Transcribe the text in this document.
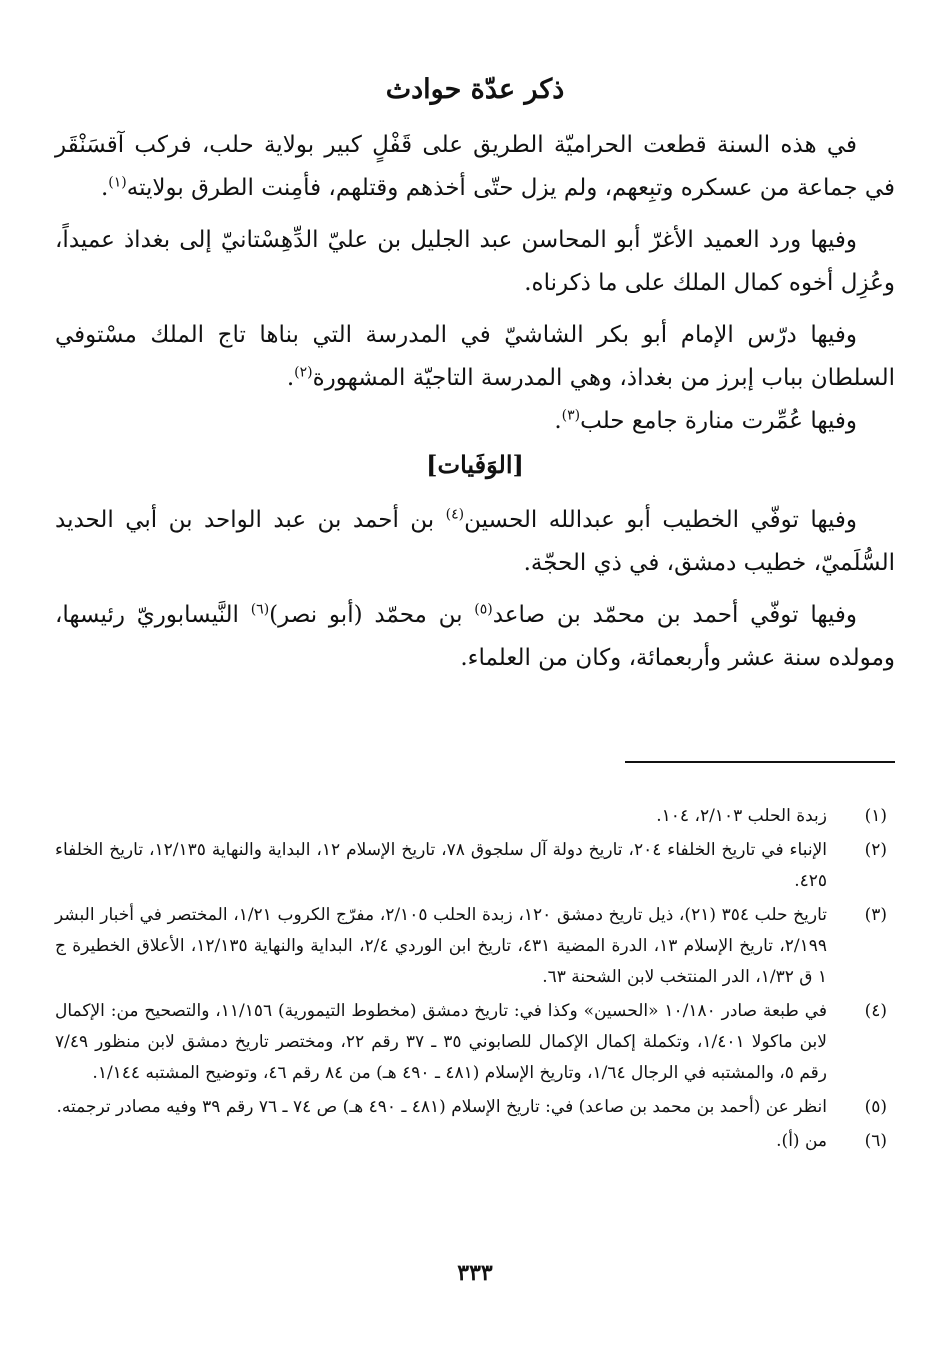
ذكر عدّة حوادث

في هذه السنة قطعت الحراميّة الطريق على قَفْلٍ كبير بولاية حلب، فركب آقسَنْقَر في جماعة من عسكره وتبِعهم، ولم يزل حتّى أخذهم وقتلهم، فأمِنت الطرق بولايته$^{(١)}$.

وفيها ورد العميد الأغرّ أبو المحاسن عبد الجليل بن عليّ الدِّهِسْتانيّ إلى بغداذ عميداً، وعُزِل أخوه كمال الملك على ما ذكرناه.

وفيها درّس الإمام أبو بكر الشاشيّ في المدرسة التي بناها تاج الملك مسْتوفي السلطان بباب إبرز من بغداذ، وهي المدرسة التاجيّة المشهورة$^{(٢)}$.

وفيها عُمِّرت منارة جامع حلب$^{(٣)}$.

[الوَفَيات]

وفيها توفّي الخطيب أبو عبدالله الحسين$^{(٤)}$ بن أحمد بن عبد الواحد بن أبي الحديد السُّلَميّ، خطيب دمشق، في ذي الحجّة.

وفيها توفّي أحمد بن محمّد بن صاعد$^{(٥)}$ بن محمّد (أبو نصر)$^{(٦)}$ النَّيسابوريّ رئيسها، ومولده سنة عشر وأربعمائة، وكان من العلماء.

(١)
زبدة الحلب ٢/١٠٣، ١٠٤.
(٢)
الإنباء في تاريخ الخلفاء ٢٠٤، تاريخ دولة آل سلجوق ٧٨، تاريخ الإسلام ١٢، البداية والنهاية ١٢/١٣٥، تاريخ الخلفاء ٤٢٥.
(٣)
تاريخ حلب ٣٥٤ (٢١)، ذيل تاريخ دمشق ١٢٠، زبدة الحلب ٢/١٠٥، مفرّج الكروب ١/٢١، المختصر في أخبار البشر ٢/١٩٩، تاريخ الإسلام ١٣، الدرة المضية ٤٣١، تاريخ ابن الوردي ٢/٤، البداية والنهاية ١٢/١٣٥، الأعلاق الخطيرة ج ١ ق ١/٣٢، الدر المنتخب لابن الشحنة ٦٣.
(٤)
في طبعة صادر ١٠/١٨٠ «الحسين» وكذا في: تاريخ دمشق (مخطوط التيمورية) ١١/١٥٦، والتصحيح من: الإكمال لابن ماكولا ١/٤٠١، وتكملة إكمال الإكمال للصابوني ٣٥ ـ ٣٧ رقم ٢٢، ومختصر تاريخ دمشق لابن منظور ٧/٤٩ رقم ٥، والمشتبه في الرجال ١/٦٤، وتاريخ الإسلام (٤٨١ ـ ٤٩٠ هـ) من ٨٤ رقم ٤٦، وتوضيح المشتبه ١/١٤٤.
(٥)
انظر عن (أحمد بن محمد بن صاعد) في: تاريخ الإسلام (٤٨١ ـ ٤٩٠ هـ) ص ٧٤ ـ ٧٦ رقم ٣٩ وفيه مصادر ترجمته.
(٦)
من (أ).
٣٣٣
